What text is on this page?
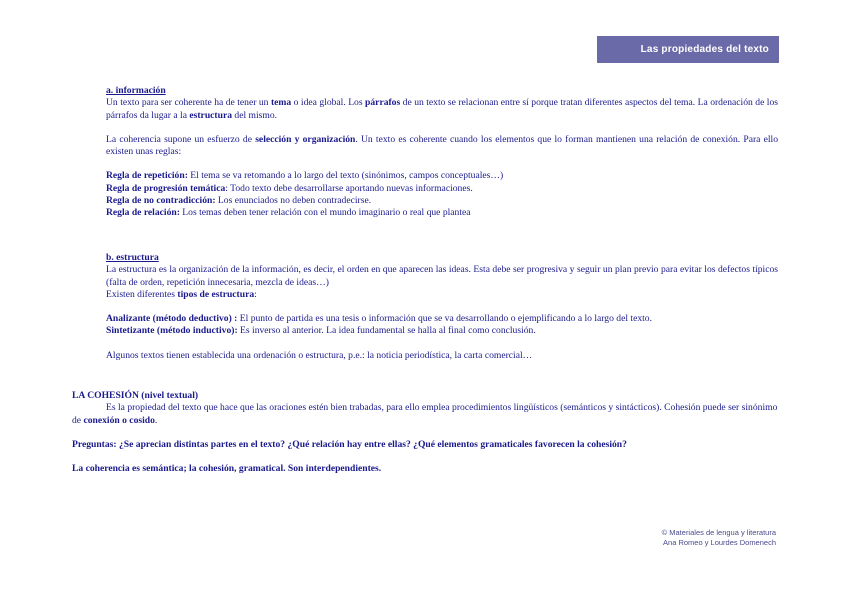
Las propiedades del texto

a. información

Un texto para ser coherente ha de tener un tema o idea global. Los párrafos de un texto se relacionan entre sí porque tratan diferentes aspectos del tema. La ordenación de los párrafos da lugar a la estructura del mismo.

La coherencia supone un esfuerzo de selección y organización. Un texto es coherente cuando los elementos que lo forman mantienen una relación de conexión. Para ello existen unas reglas:

Regla de repetición: El tema se va retomando a lo largo del texto (sinónimos, campos conceptuales…)

Regla de progresión temática: Todo texto debe desarrollarse aportando nuevas informaciones.

Regla de no contradicción: Los enunciados no deben contradecirse.

Regla de relación: Los temas deben tener relación con el mundo imaginario o real que plantea

b. estructura

La estructura es la organización de la información, es decir, el orden en que aparecen las ideas. Esta debe ser progresiva y seguir un plan previo para evitar los defectos típicos (falta de orden, repetición innecesaria, mezcla de ideas…)

Existen diferentes tipos de estructura:

Analizante (método deductivo) : El punto de partida es una tesis o información que se va desarrollando o ejemplificando a lo largo del texto.

Sintetizante (método inductivo): Es inverso al anterior. La idea fundamental se halla al final como conclusión.

Algunos textos tienen establecida una ordenación o estructura, p.e.: la noticia periodística, la carta comercial…

LA COHESIÓN (nivel textual)

Es la propiedad del texto que hace que las oraciones estén bien trabadas, para ello emplea procedimientos lingüísticos (semánticos y sintácticos). Cohesión puede ser sinónimo de conexión o cosido.

Preguntas: ¿Se aprecian distintas partes en el texto? ¿Qué relación hay entre ellas? ¿Qué elementos gramaticales favorecen la cohesión?

La coherencia es semántica; la cohesión, gramatical. Son interdependientes.

© Materiales de lengua y literatura
Ana Romeo y Lourdes Domenech
